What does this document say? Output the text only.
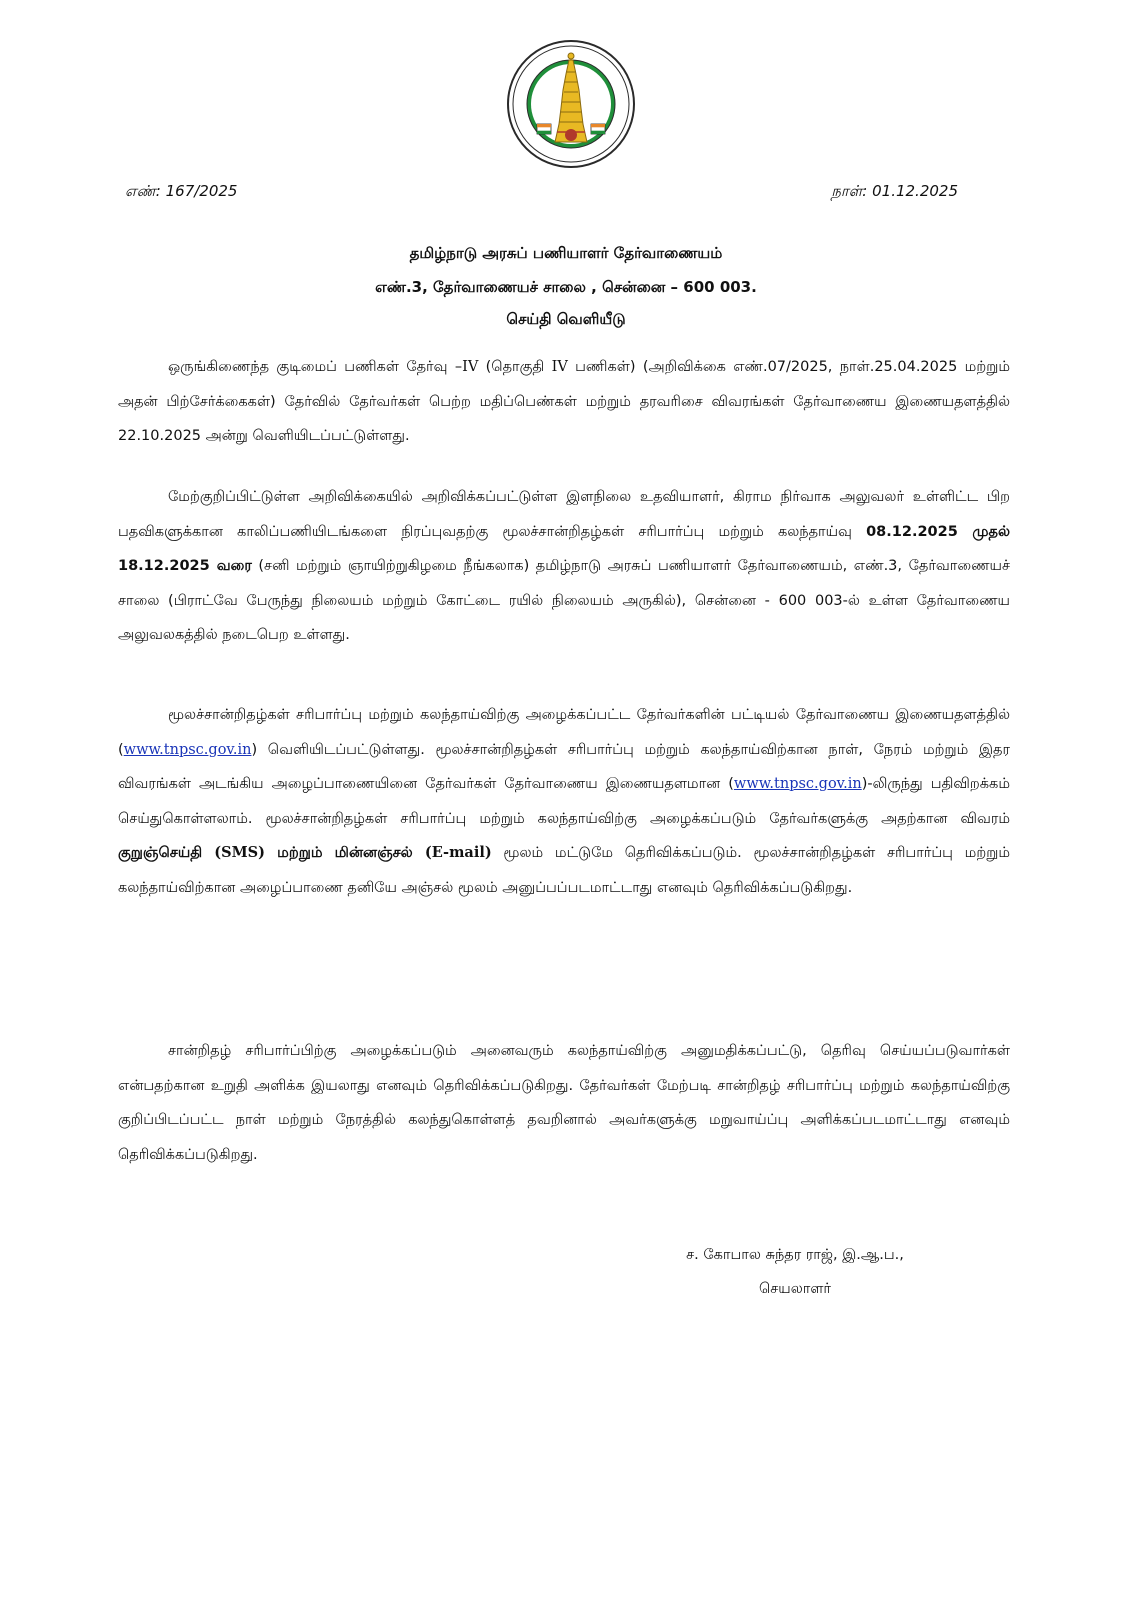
எண்: 167/2025	நாள்: 01.12.2025
தமிழ்நாடு அரசுப் பணியாளர் தேர்வாணையம்
எண்.3, தேர்வாணையச் சாலை , சென்னை – 600 003.
செய்தி வெளியீடு

ஒருங்கிணைந்த குடிமைப் பணிகள் தேர்வு –IV (தொகுதி IV பணிகள்) (அறிவிக்கை எண்.07/2025, நாள்.25.04.2025 மற்றும் அதன் பிற்சேர்க்கைகள்) தேர்வில் தேர்வர்கள் பெற்ற மதிப்பெண்கள் மற்றும் தரவரிசை விவரங்கள் தேர்வாணைய இணையதளத்தில் 22.10.2025 அன்று வெளியிடப்பட்டுள்ளது.

மேற்குறிப்பிட்டுள்ள அறிவிக்கையில் அறிவிக்கப்பட்டுள்ள இளநிலை உதவியாளர், கிராம நிர்வாக அலுவலர் உள்ளிட்ட பிற பதவிகளுக்கான காலிப்பணியிடங்களை நிரப்புவதற்கு மூலச்சான்றிதழ்கள் சரிபார்ப்பு மற்றும் கலந்தாய்வு 08.12.2025 முதல் 18.12.2025 வரை (சனி மற்றும் ஞாயிற்றுகிழமை நீங்கலாக) தமிழ்நாடு அரசுப் பணியாளர் தேர்வாணையம், எண்.3, தேர்வாணையச் சாலை (பிராட்வே பேருந்து நிலையம் மற்றும் கோட்டை ரயில் நிலையம் அருகில்), சென்னை - 600 003-ல் உள்ள தேர்வாணைய அலுவலகத்தில் நடைபெற உள்ளது.

மூலச்சான்றிதழ்கள் சரிபார்ப்பு மற்றும் கலந்தாய்விற்கு அழைக்கப்பட்ட தேர்வர்களின் பட்டியல் தேர்வாணைய இணையதளத்தில் (www.tnpsc.gov.in) வெளியிடப்பட்டுள்ளது. மூலச்சான்றிதழ்கள் சரிபார்ப்பு மற்றும் கலந்தாய்விற்கான நாள், நேரம் மற்றும் இதர விவரங்கள் அடங்கிய அழைப்பாணையினை தேர்வர்கள் தேர்வாணைய இணையதளமான (www.tnpsc.gov.in)-லிருந்து பதிவிறக்கம் செய்துகொள்ளலாம். மூலச்சான்றிதழ்கள் சரிபார்ப்பு மற்றும் கலந்தாய்விற்கு அழைக்கப்படும் தேர்வர்களுக்கு அதற்கான விவரம் குறுஞ்செய்தி (SMS) மற்றும் மின்னஞ்சல் (E-mail) மூலம் மட்டுமே தெரிவிக்கப்படும். மூலச்சான்றிதழ்கள் சரிபார்ப்பு மற்றும் கலந்தாய்விற்கான அழைப்பாணை தனியே அஞ்சல் மூலம் அனுப்பப்படமாட்டாது எனவும் தெரிவிக்கப்படுகிறது.

சான்றிதழ் சரிபார்ப்பிற்கு அழைக்கப்படும் அனைவரும் கலந்தாய்விற்கு அனுமதிக்கப்பட்டு, தெரிவு செய்யப்படுவார்கள் என்பதற்கான உறுதி அளிக்க இயலாது எனவும் தெரிவிக்கப்படுகிறது. தேர்வர்கள் மேற்படி சான்றிதழ் சரிபார்ப்பு மற்றும் கலந்தாய்விற்கு குறிப்பிடப்பட்ட நாள் மற்றும் நேரத்தில் கலந்துகொள்ளத் தவறினால் அவர்களுக்கு மறுவாய்ப்பு அளிக்கப்படமாட்டாது எனவும் தெரிவிக்கப்படுகிறது.

ச. கோபால சுந்தர ராஜ், இ.ஆ.ப.,
செயலாளர்
